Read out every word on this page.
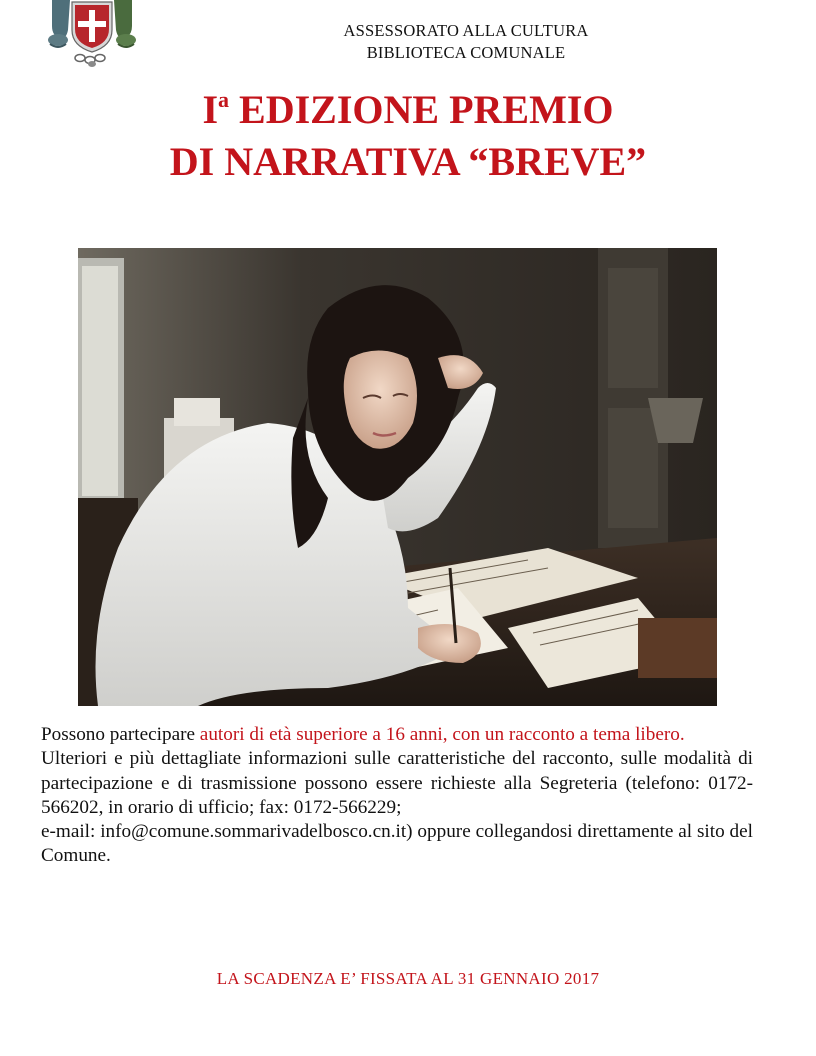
ASSESSORATO ALLA CULTURA
BIBLIOTECA COMUNALE
$I^a$ EDIZIONE PREMIO
DI NARRATIVA “BREVE”

Possono partecipare autori di età superiore a 16 anni, con un racconto a tema libero.

Ulteriori e più dettagliate informazioni sulle caratteristiche del racconto, sulle modalità di partecipazione e di trasmissione possono essere richieste alla Segreteria (telefono: 0172-566202, in orario di ufficio; fax: 0172-566229;

e-mail: info@comune.sommarivadelbosco.cn.it) oppure collegandosi direttamente al sito del Comune.

LA SCADENZA E’ FISSATA AL 31 GENNAIO 2017
